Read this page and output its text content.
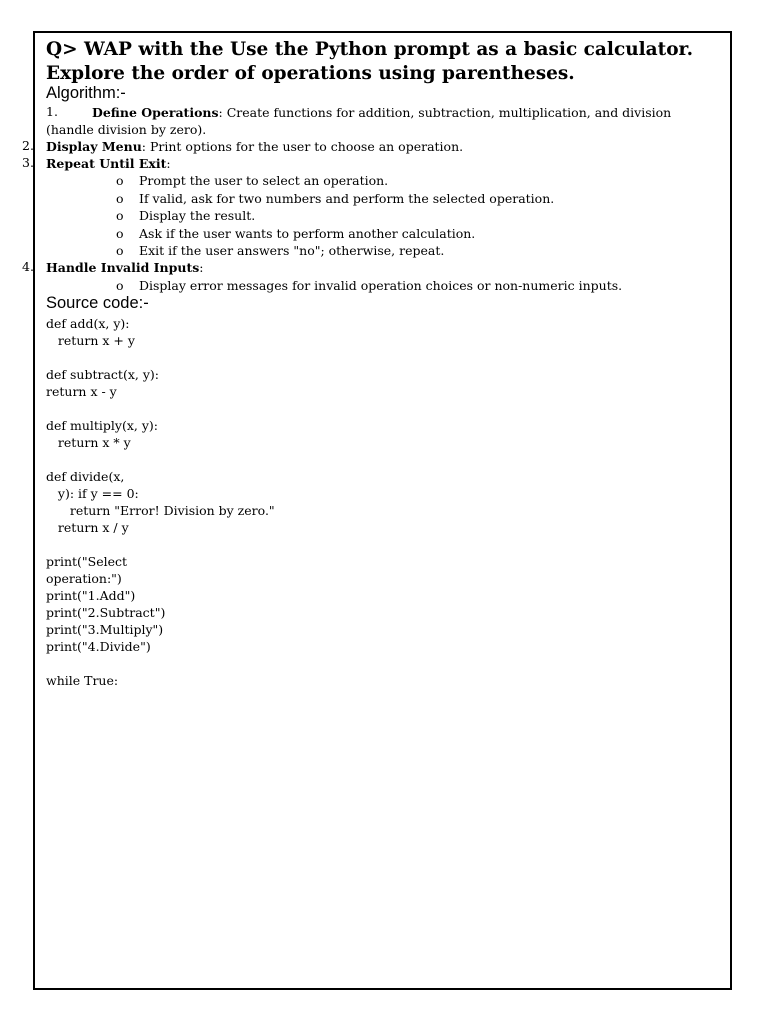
Q> WAP with the Use the Python prompt as a basic calculator. Explore the order of operations using parentheses.
Algorithm:-
1.	Define Operations: Create functions for addition, subtraction, multiplication, and division
(handle division by zero).
2. Display Menu: Print options for the user to choose an operation.
3. Repeat Until Exit:
o Prompt the user to select an operation.
o If valid, ask for two numbers and perform the selected operation.
o Display the result.
o Ask if the user wants to perform another calculation.
o Exit if the user answers "no"; otherwise, repeat.
4. Handle Invalid Inputs:
o Display error messages for invalid operation choices or non-numeric inputs.
Source code:-
def add(x, y):
return x + y
def subtract(x, y):
return x - y
def multiply(x, y):
return x * y
def divide(x,
y): if y == 0:
return "Error! Division by zero."
return x / y
print("Select
operation:")
print("1.Add")
print("2.Subtract")
print("3.Multiply")
print("4.Divide")
while True:
